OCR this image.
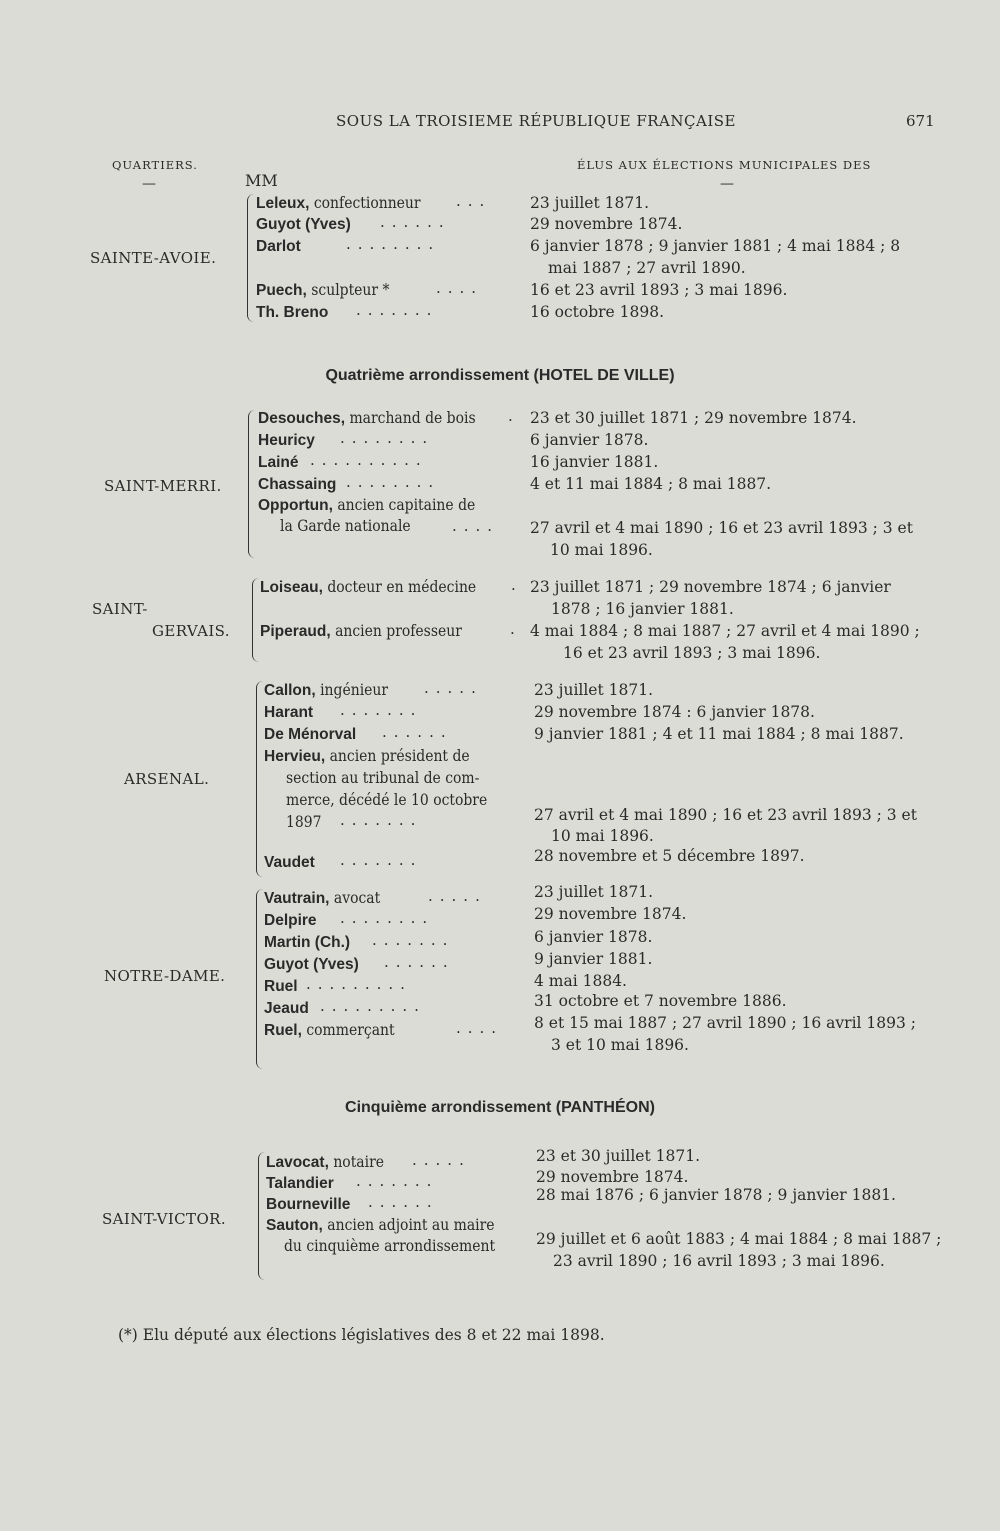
SOUS LA TROISIEME RÉPUBLIQUE FRANÇAISE	671
QUARTIERS.	ÉLUS AUX ÉLECTIONS MUNICIPALES DES
—	—
MM
SAINTE-AVOIE.
Leleux, confectionneur ... 23 juillet 1871.
Guyot (Yves) ......	29 novembre 1874.
Darlot	........	6 janvier 1878 ; 9 janvier 1881 ; 4 mai 1884 ; 8
mai 1887 ; 27 avril 1890.
Puech, sculpteur *	....	16 et 23 avril 1893 ; 3 mai 1896.
Th. Breno .......	16 octobre 1898.
Quatrième arrondissement (HOTEL DE VILLE)
SAINT-MERRI.
Desouches, marchand de bois . 23 et 30 juillet 1871 ; 29 novembre 1874.
Heuricy ........	6 janvier 1878.
Lainé ..........	16 janvier 1881.
Chassaing ........	4 et 11 mai 1884 ; 8 mai 1887.
Opportun, ancien capitaine de
la Garde nationale	.... 27 avril et 4 mai 1890 ; 16 et 23 avril 1893 ; 3 et
10 mai 1896.
SAINT-
GERVAIS.
Loiseau, docteur en médecine . 23 juillet 1871 ; 29 novembre 1874 ; 6 janvier
1878 ; 16 janvier 1881.
Piperaud, ancien professeur	. 4 mai 1884 ; 8 mai 1887 ; 27 avril et 4 mai 1890 ;
16 et 23 avril 1893 ; 3 mai 1896.
ARSENAL.
Callon, ingénieur .....	23 juillet 1871.
Harant .......	29 novembre 1874 : 6 janvier 1878.
De Ménorval ......	9 janvier 1881 ; 4 et 11 mai 1884 ; 8 mai 1887.
Hervieu, ancien président de
section au tribunal de com-
merce, décédé le 10 octobre
1897 .......	27 avril et 4 mai 1890 ; 16 et 23 avril 1893 ; 3 et
10 mai 1896.
Vaudet .......	28 novembre et 5 décembre 1897.
NOTRE-DAME.
Vautrain, avocat	.....	23 juillet 1871.
Delpire ........	29 novembre 1874.
Martin (Ch.) .......	6 janvier 1878.
Guyot (Yves) ......	9 janvier 1881.
Ruel .........	4 mai 1884.
Jeaud .........	31 octobre et 7 novembre 1886.
Ruel, commerçant	.... 8 et 15 mai 1887 ; 27 avril 1890 ; 16 avril 1893 ;
3 et 10 mai 1896.
Cinquième arrondissement (PANTHÉON)
SAINT-VICTOR.
Lavocat, notaire .....	23 et 30 juillet 1871.
Talandier .......	29 novembre 1874.
Bourneville ......	28 mai 1876 ; 6 janvier 1878 ; 9 janvier 1881.
Sauton, ancien adjoint au maire
du cinquième arrondissement	29 juillet et 6 août 1883 ; 4 mai 1884 ; 8 mai 1887 ;
23 avril 1890 ; 16 avril 1893 ; 3 mai 1896.
(*) Elu député aux élections législatives des 8 et 22 mai 1898.
